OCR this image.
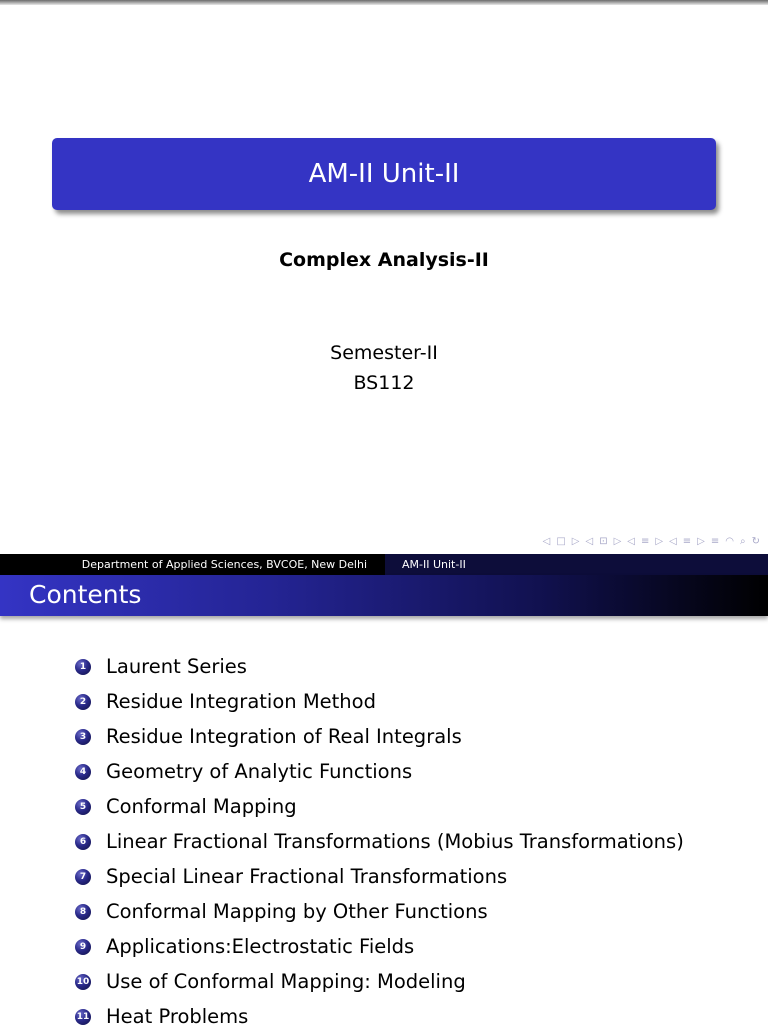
AM-II Unit-II
Complex Analysis-II
Semester-II
BS112
◁ □ ▷ ◁ ⊡ ▷ ◁ ≡ ▷ ◁ ≡ ▷ ≡ ◠ ⌕ ↻
Department of Applied Sciences, BVCOE, New Delhi	AM-II Unit-II
Contents
1 Laurent Series
2 Residue Integration Method
3 Residue Integration of Real Integrals
4 Geometry of Analytic Functions
5 Conformal Mapping
6 Linear Fractional Transformations (Mobius Transformations)
7 Special Linear Fractional Transformations
8 Conformal Mapping by Other Functions
9 Applications:Electrostatic Fields
10 Use of Conformal Mapping: Modeling
11 Heat Problems
